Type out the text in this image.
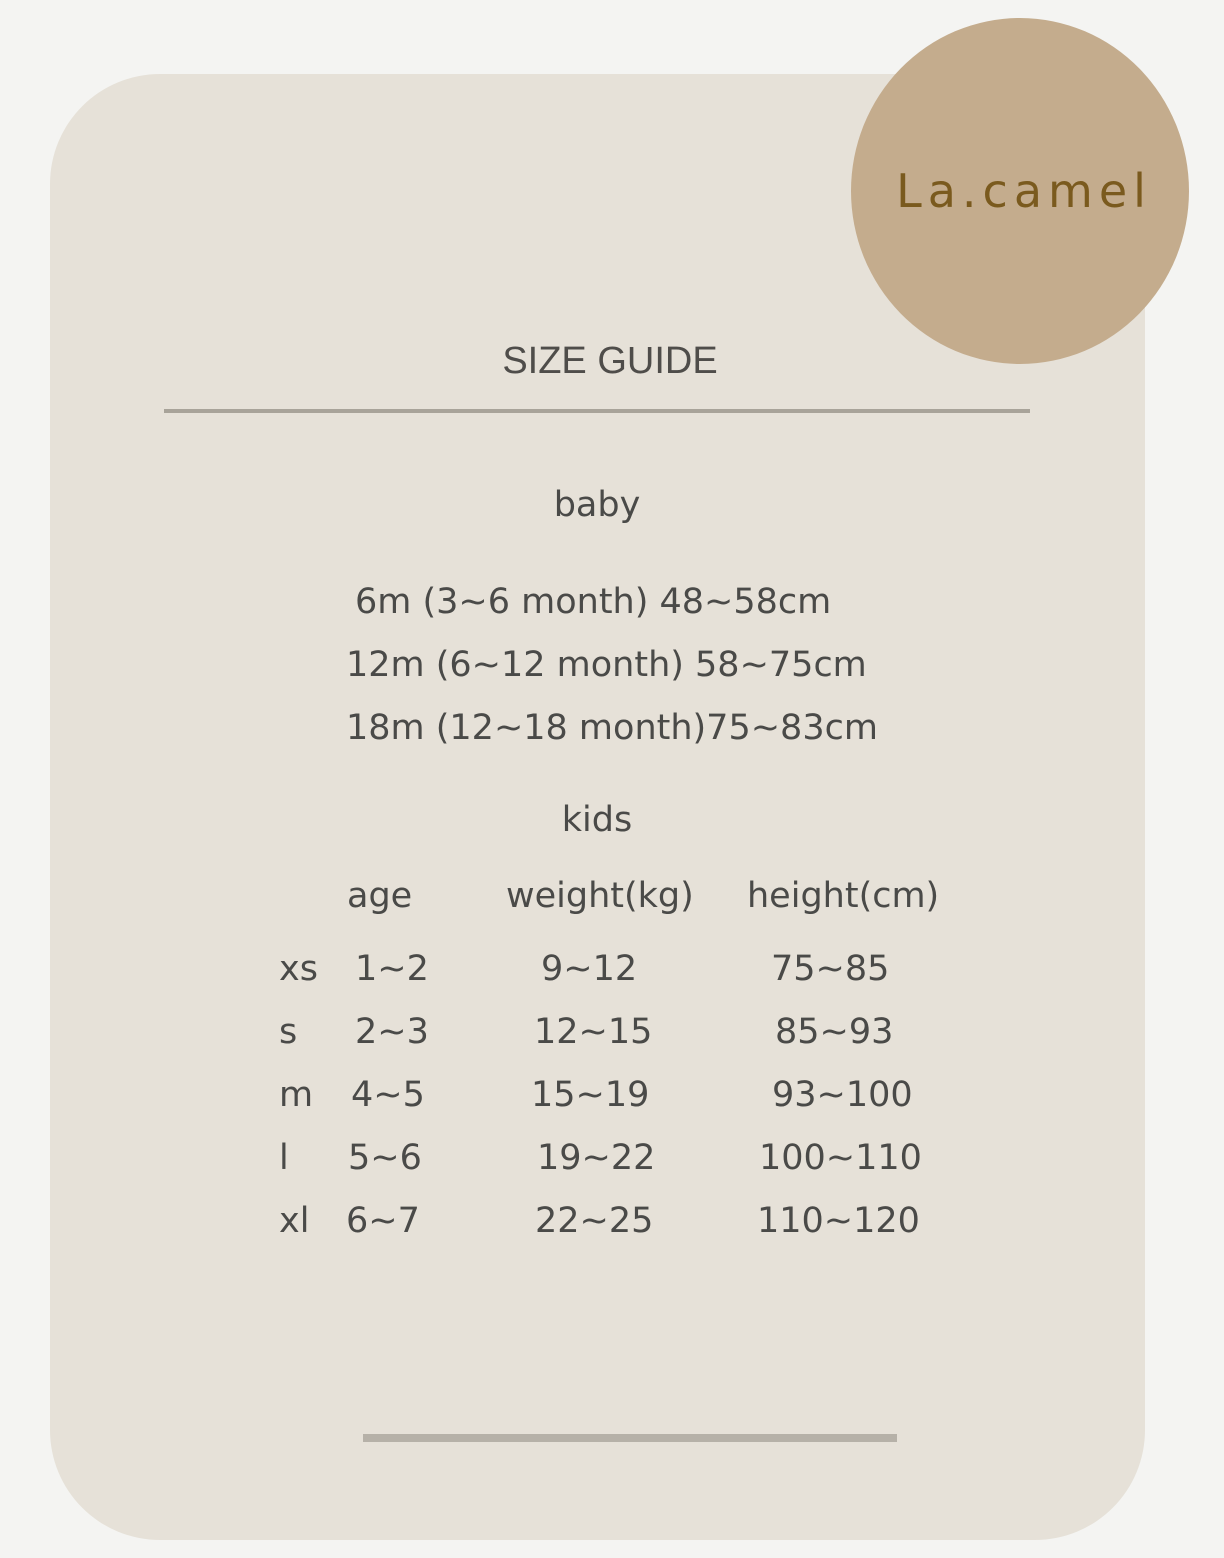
La.camel
SIZE GUIDE
baby
6m (3~6 month) 48~58cm
12m (6~12 month) 58~75cm
18m (12~18 month)75~83cm
kids
age	weight(kg) height(cm)
xs 1~2	9~12	75~85
s 2~3	12~15	85~93
m 4~5	15~19	93~100
l 5~6	19~22	100~110
xl 6~7	22~25	110~120
